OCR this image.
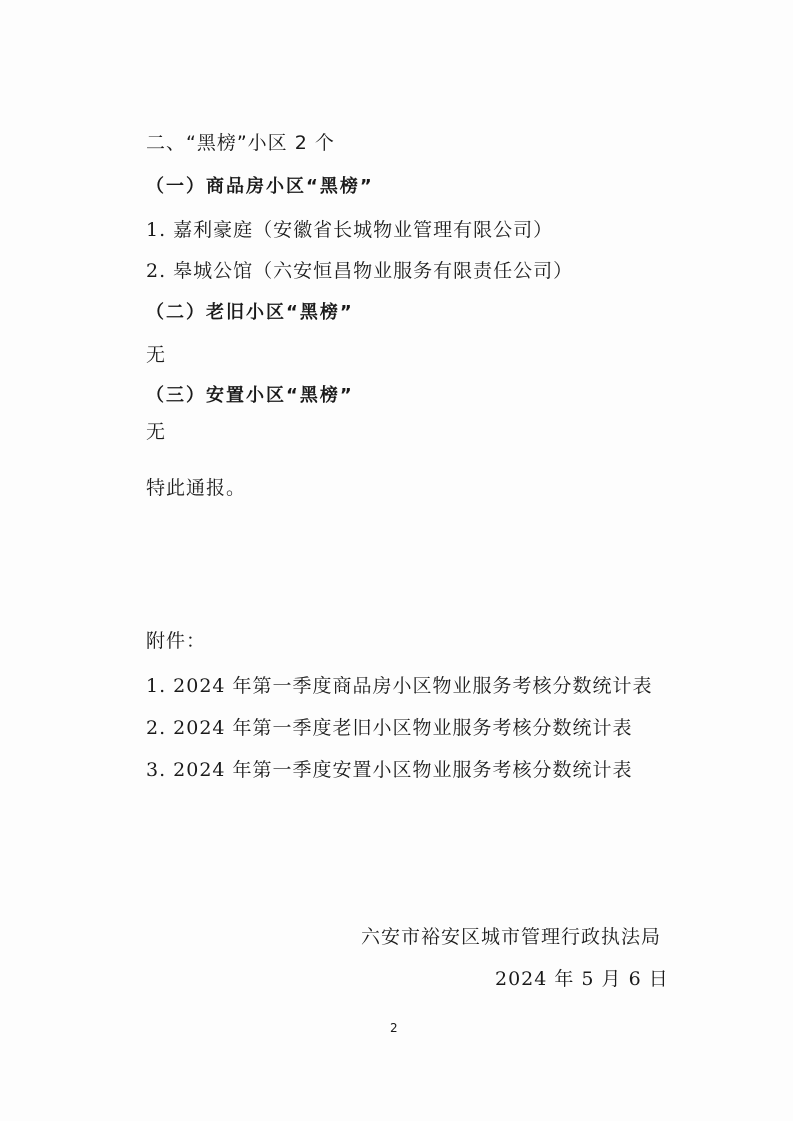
二、“黑榜”小区 2 个
（一）商品房小区“黑榜”
1. 嘉利豪庭（安徽省长城物业管理有限公司）
2. 皋城公馆（六安恒昌物业服务有限责任公司）
（二）老旧小区“黑榜”
无
（三）安置小区“黑榜”
无
特此通报。
附件：
1. 2024 年第一季度商品房小区物业服务考核分数统计表
2. 2024 年第一季度老旧小区物业服务考核分数统计表
3. 2024 年第一季度安置小区物业服务考核分数统计表
六安市裕安区城市管理行政执法局
2024 年 5 月 6 日
2
